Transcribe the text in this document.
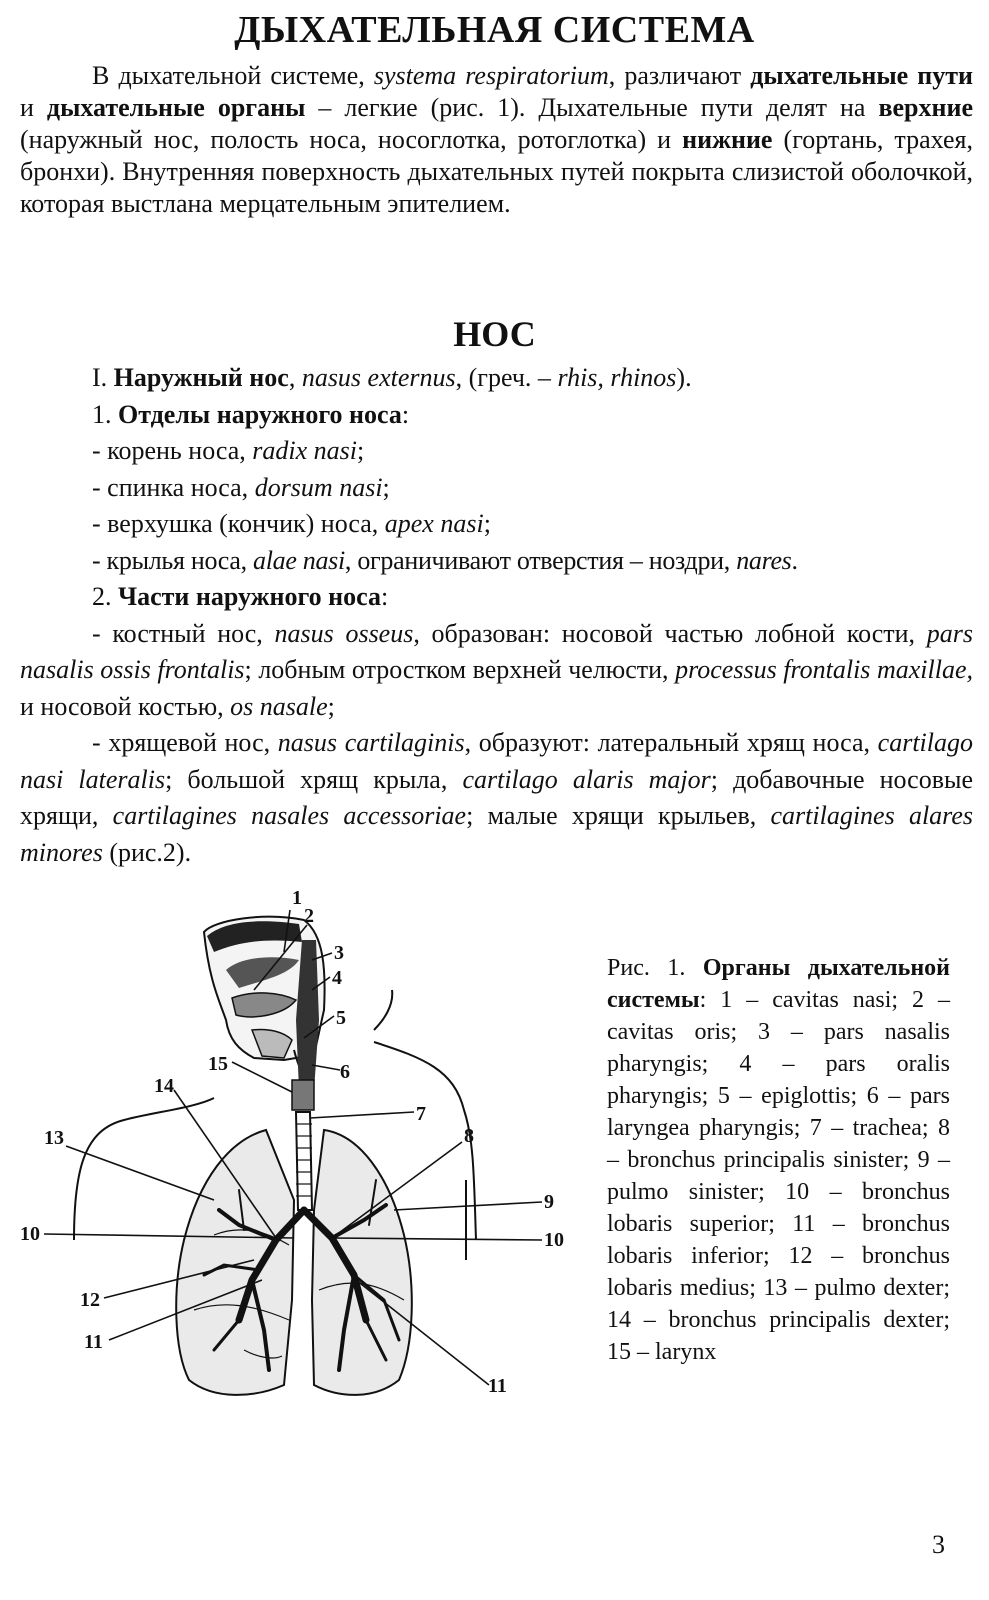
ДЫХАТЕЛЬНАЯ СИСТЕМА

В дыхательной системе, systema respiratorium, различают дыхательные пути и дыхательные органы – легкие (рис. 1). Дыхательные пути делят на верхние (наружный нос, полость носа, носоглотка, ротоглотка) и нижние (гортань, трахея, бронхи). Внутренняя поверхность дыхательных путей покрыта слизистой оболочкой, которая выстлана мерцательным эпителием.

НОС

I. Наружный нос, nasus externus, (греч. – rhis, rhinos).

1. Отделы наружного носа:

- корень носа, radix nasi;

- спинка носа, dorsum nasi;

- верхушка (кончик) носа, apex nasi;

- крылья носа, alae nasi, ограничивают отверстия – ноздри, nares.

2. Части наружного носа:

- костный нос, nasus osseus, образован: носовой частью лобной кости, pars nasalis ossis frontalis; лобным отростком верхней челюсти, processus frontalis maxillae, и носовой костью, os nasale;

- хрящевой нос, nasus cartilaginis, образуют: латеральный хрящ носа, cartilago nasi lateralis; большой хрящ крыла, cartilago alaris major; добавочные носовые хрящи, cartilagines nasales accessoriae; малые хрящи крыльев, cartilagines alares minores (рис.2).

1
2
3
4
5
6
7
8
9
10	10
11
11
12
13
14
15

Рис. 1. Органы дыхательной системы: 1 – cavitas nasi; 2 – cavitas oris; 3 – pars nasalis pharyngis; 4 – pars oralis pharyngis; 5 – epiglottis; 6 – pars laryngea pharyngis; 7 – trachea; 8 – bronchus principalis sinister; 9 – pulmo sinister; 10 – bronchus lobaris superior; 11 – bronchus lobaris inferior; 12 – bronchus lobaris medius; 13 – pulmo dexter; 14 – bronchus principalis dexter; 15 – larynx

3
